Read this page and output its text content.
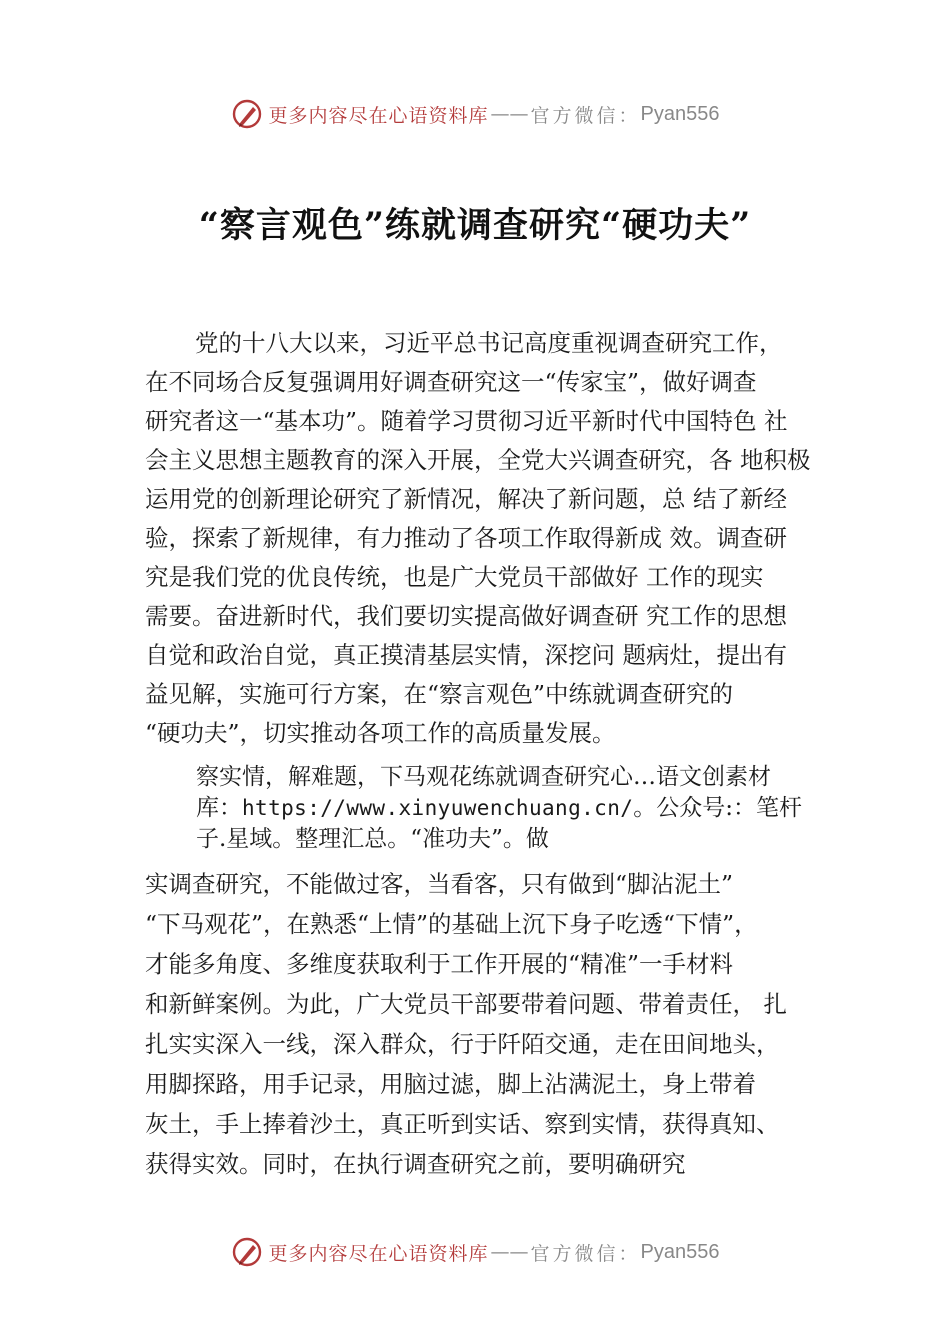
更多内容尽在心语资料库 —— 官方微信： Pyan556
“察言观色”练就调查研究“硬功夫”
党的十八大以来，习近平总书记高度重视调查研究工作，
在不同场合反复强调用好调查研究这一“传家宝”，做好调查
研究者这一“基本功”。随着学习贯彻习近平新时代中国特色 社
会主义思想主题教育的深入开展，全党大兴调查研究，各 地积极
运用党的创新理论研究了新情况，解决了新问题，总 结了新经
验，探索了新规律，有力推动了各项工作取得新成 效。调查研
究是我们党的优良传统，也是广大党员干部做好 工作的现实
需要。奋进新时代，我们要切实提高做好调查研 究工作的思想
自觉和政治自觉，真正摸清基层实情，深挖问 题病灶，提出有
益见解，实施可行方案，在“察言观色”中练就调查研究的
“硬功夫”，切实推动各项工作的高质量发展。
察实情，解难题，下马观花练就调查研究心…语文创素材
库：https://www.xinyuwenchuang.cn/。公众号:：笔杆
子.星域。整理汇总。“准功夫”。做
实调查研究，不能做过客，当看客，只有做到“脚沾泥土”
“下马观花”，在熟悉“上情”的基础上沉下身子吃透“下情”，
才能多角度、多维度获取利于工作开展的“精准”一手材料
和新鲜案例。为此，广大党员干部要带着问题、带着责任， 扎
扎实实深入一线，深入群众，行于阡陌交通，走在田间地头，
用脚探路，用手记录，用脑过滤，脚上沾满泥土，身上带着
灰土，手上捧着沙土，真正听到实话、察到实情，获得真知、
获得实效。同时，在执行调查研究之前，要明确研究
更多内容尽在心语资料库 —— 官方微信： Pyan556
